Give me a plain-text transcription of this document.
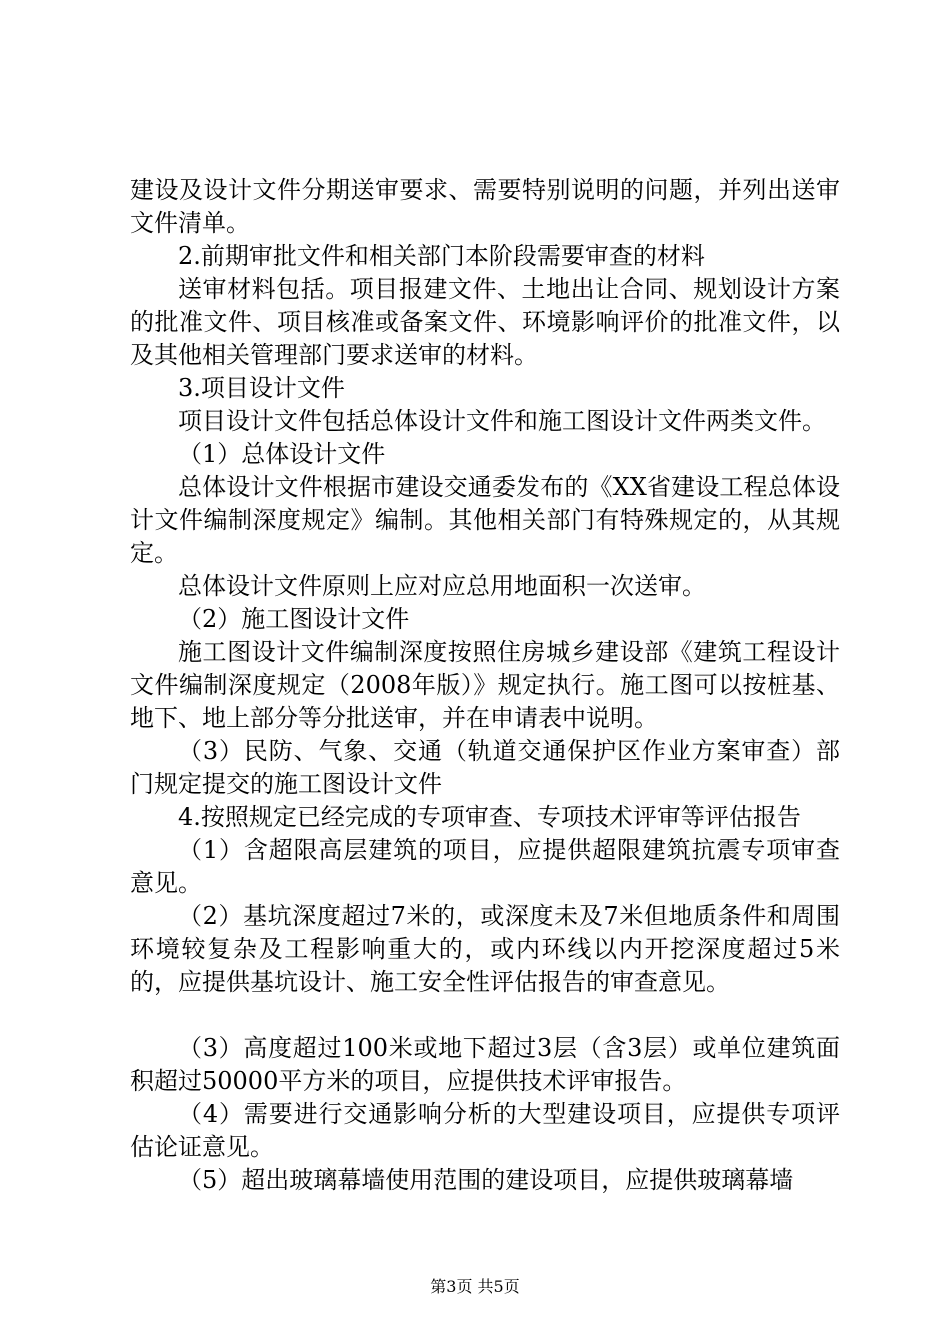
建设及设计文件分期送审要求、需要特别说明的问题，并列出送审文件清单。

2.前期审批文件和相关部门本阶段需要审查的材料

送审材料包括。项目报建文件、土地出让合同、规划设计方案的批准文件、项目核准或备案文件、环境影响评价的批准文件，以及其他相关管理部门要求送审的材料。

3.项目设计文件

项目设计文件包括总体设计文件和施工图设计文件两类文件。

（1）总体设计文件

总体设计文件根据市建设交通委发布的《XX省建设工程总体设计文件编制深度规定》编制。其他相关部门有特殊规定的，从其规定。

总体设计文件原则上应对应总用地面积一次送审。

（2）施工图设计文件

施工图设计文件编制深度按照住房城乡建设部《建筑工程设计文件编制深度规定（2008年版）》规定执行。施工图可以按桩基、地下、地上部分等分批送审，并在申请表中说明。

（3）民防、气象、交通（轨道交通保护区作业方案审查）部门规定提交的施工图设计文件

4.按照规定已经完成的专项审查、专项技术评审等评估报告

（1）含超限高层建筑的项目，应提供超限建筑抗震专项审查意见。

（2）基坑深度超过7米的，或深度未及7米但地质条件和周围环境较复杂及工程影响重大的，或内环线以内开挖深度超过5米的，应提供基坑设计、施工安全性评估报告的审查意见。

（3）高度超过100米或地下超过3层（含3层）或单位建筑面积超过50000平方米的项目，应提供技术评审报告。

（4）需要进行交通影响分析的大型建设项目，应提供专项评估论证意见。

（5）超出玻璃幕墙使用范围的建设项目，应提供玻璃幕墙

第3页 共5页
